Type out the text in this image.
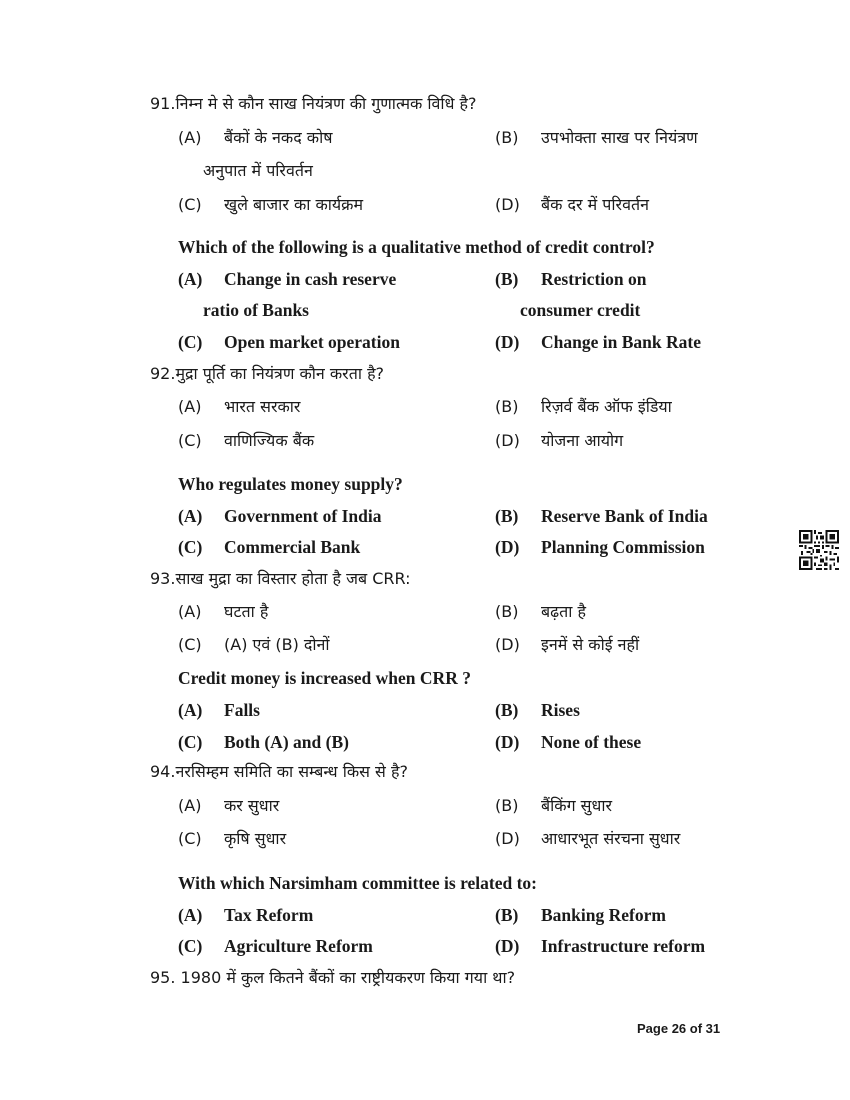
91.निम्न मे से कौन साख नियंत्रण की गुणात्मक विधि है?
(A) बैंकों के नकद कोष	(B) उपभोक्ता साख पर नियंत्रण
अनुपात में परिवर्तन
(C) खुले बाजार का कार्यक्रम	(D) बैंक दर में परिवर्तन
Which of the following is a qualitative method of credit control?
(A) Change in cash reserve	(B) Restriction on
ratio of Banks	consumer credit
(C) Open market operation	(D) Change in Bank Rate
92.मुद्रा पूर्ति का नियंत्रण कौन करता है?
(A) भारत सरकार	(B) रिज़र्व बैंक ऑफ इंडिया
(C) वाणिज्यिक बैंक	(D) योजना आयोग
Who regulates money supply?
(A) Government of India	(B) Reserve Bank of India
(C) Commercial Bank	(D) Planning Commission
93.साख मुद्रा का विस्तार होता है जब CRR:
(A) घटता है	(B) बढ़ता है
(C) (A) एवं (B) दोनों	(D) इनमें से कोई नहीं
Credit money is increased when CRR ?
(A) Falls	(B) Rises
(C) Both (A) and (B)	(D) None of these
94.नरसिम्हम समिति का सम्बन्ध किस से है?
(A) कर सुधार	(B) बैंकिंग सुधार
(C) कृषि सुधार	(D) आधारभूत संरचना सुधार
With which Narsimham committee is related to:
(A) Tax Reform	(B) Banking Reform
(C) Agriculture Reform	(D) Infrastructure reform
95. 1980 में कुल कितने बैंकों का राष्ट्रीयकरण किया गया था?
Page 26 of 31
